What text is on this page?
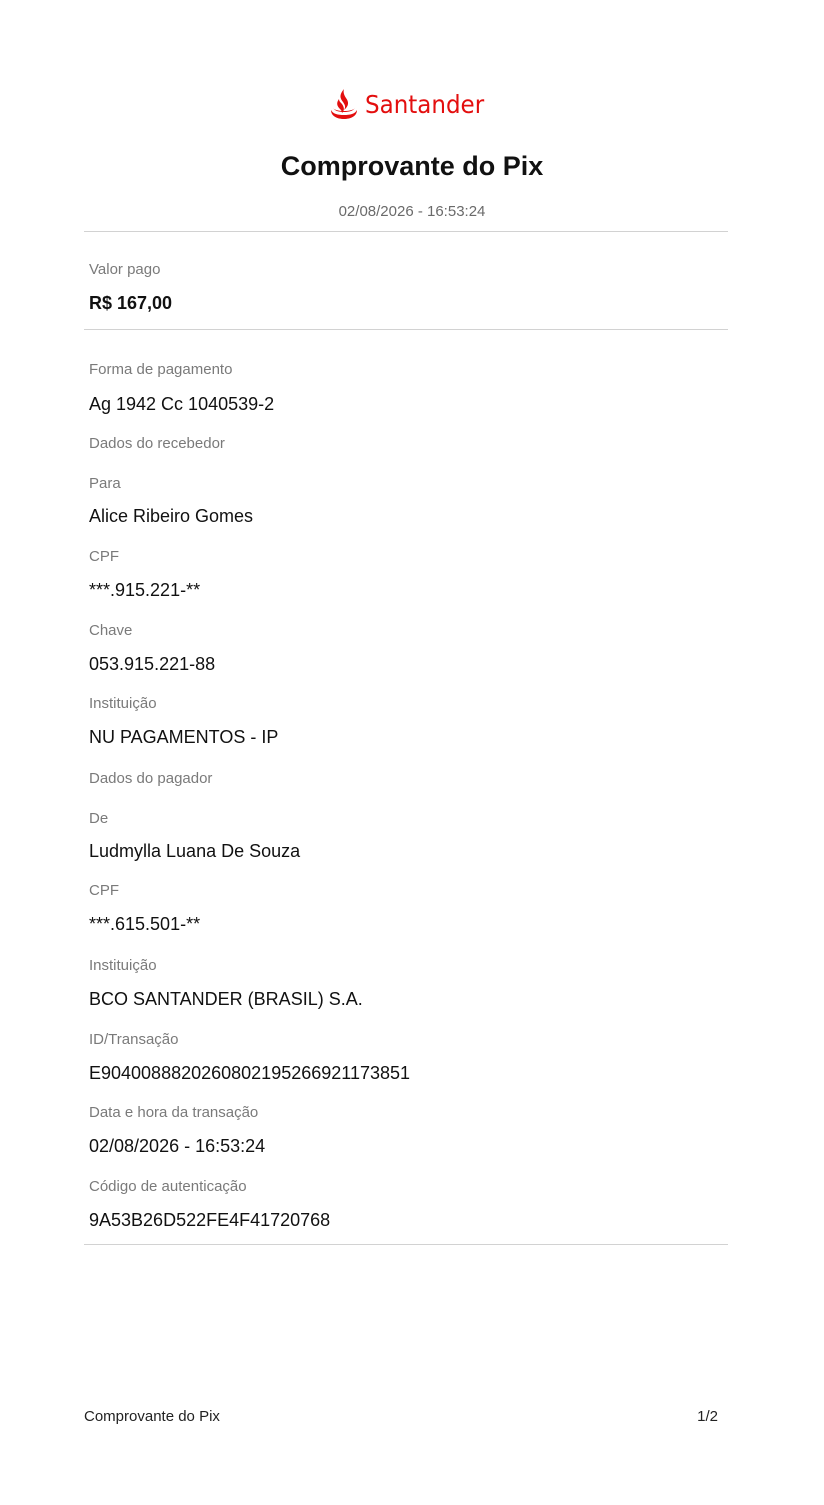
Santander
Comprovante do Pix
02/08/2026 - 16:53:24
Valor pago
R$ 167,00
Forma de pagamento
Ag 1942 Cc 1040539-2
Dados do recebedor
Para
Alice Ribeiro Gomes
CPF
***.915.221-**
Chave
053.915.221-88
Instituição
NU PAGAMENTOS - IP
Dados do pagador
De
Ludmylla Luana De Souza
CPF
***.615.501-**
Instituição
BCO SANTANDER (BRASIL) S.A.
ID/Transação
E9040088820260802195266921173851
Data e hora da transação
02/08/2026 - 16:53:24
Código de autenticação
9A53B26D522FE4F41720768
Comprovante do Pix	1/2
